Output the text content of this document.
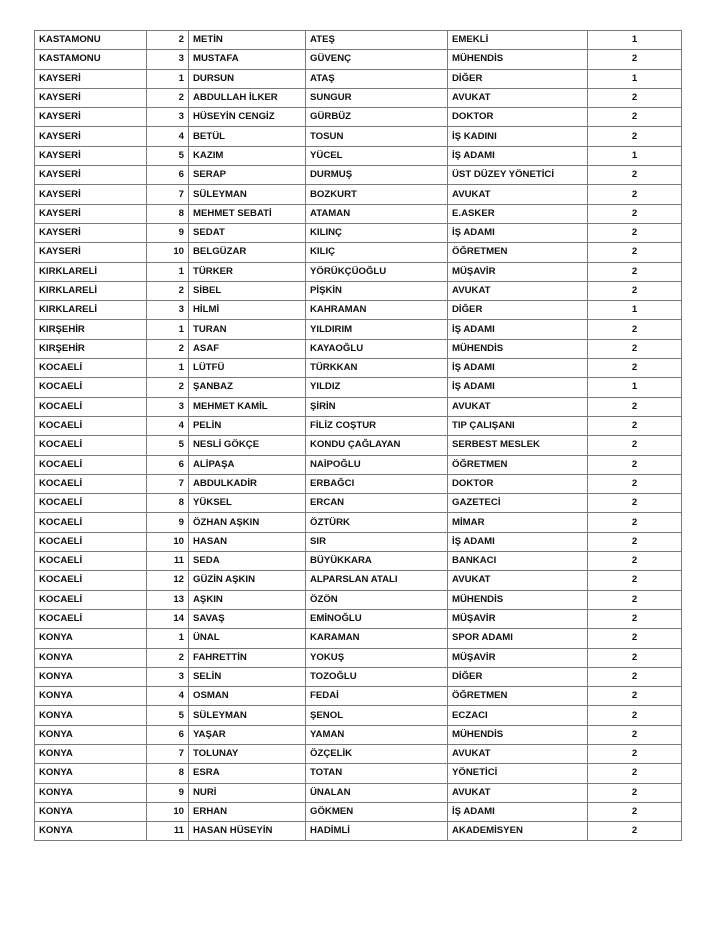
KASTAMONU	2	METİN	ATEŞ	EMEKLİ	1
KASTAMONU	3	MUSTAFA	GÜVENÇ	MÜHENDİS	2
KAYSERİ	1	DURSUN	ATAŞ	DİĞER	1
KAYSERİ	2	ABDULLAH İLKER	SUNGUR	AVUKAT	2
KAYSERİ	3	HÜSEYİN CENGİZ	GÜRBÜZ	DOKTOR	2
KAYSERİ	4	BETÜL	TOSUN	İŞ KADINI	2
KAYSERİ	5	KAZIM	YÜCEL	İŞ ADAMI	1
KAYSERİ	6	SERAP	DURMUŞ	ÜST DÜZEY YÖNETİCİ	2
KAYSERİ	7	SÜLEYMAN	BOZKURT	AVUKAT	2
KAYSERİ	8	MEHMET SEBATİ	ATAMAN	E.ASKER	2
KAYSERİ	9	SEDAT	KILINÇ	İŞ ADAMI	2
KAYSERİ	10	BELGÜZAR	KILIÇ	ÖĞRETMEN	2
KIRKLARELİ	1	TÜRKER	YÖRÜKÇÜOĞLU	MÜŞAVİR	2
KIRKLARELİ	2	SİBEL	PİŞKİN	AVUKAT	2
KIRKLARELİ	3	HİLMİ	KAHRAMAN	DİĞER	1
KIRŞEHİR	1	TURAN	YILDIRIM	İŞ ADAMI	2
KIRŞEHİR	2	ASAF	KAYAOĞLU	MÜHENDİS	2
KOCAELİ	1	LÜTFÜ	TÜRKKAN	İŞ ADAMI	2
KOCAELİ	2	ŞANBAZ	YILDIZ	İŞ ADAMI	1
KOCAELİ	3	MEHMET KAMİL	ŞİRİN	AVUKAT	2
KOCAELİ	4	PELİN	FİLİZ COŞTUR	TIP ÇALIŞANI	2
KOCAELİ	5	NESLİ GÖKÇE	KONDU ÇAĞLAYAN	SERBEST MESLEK	2
KOCAELİ	6	ALİPAŞA	NAİPOĞLU	ÖĞRETMEN	2
KOCAELİ	7	ABDULKADİR	ERBAĞCI	DOKTOR	2
KOCAELİ	8	YÜKSEL	ERCAN	GAZETECİ	2
KOCAELİ	9	ÖZHAN AŞKIN	ÖZTÜRK	MİMAR	2
KOCAELİ	10	HASAN	SIR	İŞ ADAMI	2
KOCAELİ	11	SEDA	BÜYÜKKARA	BANKACI	2
KOCAELİ	12	GÜZİN AŞKIN	ALPARSLAN ATALI	AVUKAT	2
KOCAELİ	13	AŞKIN	ÖZÖN	MÜHENDİS	2
KOCAELİ	14	SAVAŞ	EMİNOĞLU	MÜŞAVİR	2
KONYA	1	ÜNAL	KARAMAN	SPOR ADAMI	2
KONYA	2	FAHRETTİN	YOKUŞ	MÜŞAVİR	2
KONYA	3	SELİN	TOZOĞLU	DİĞER	2
KONYA	4	OSMAN	FEDAİ	ÖĞRETMEN	2
KONYA	5	SÜLEYMAN	ŞENOL	ECZACI	2
KONYA	6	YAŞAR	YAMAN	MÜHENDİS	2
KONYA	7	TOLUNAY	ÖZÇELİK	AVUKAT	2
KONYA	8	ESRA	TOTAN	YÖNETİCİ	2
KONYA	9	NURİ	ÜNALAN	AVUKAT	2
KONYA	10	ERHAN	GÖKMEN	İŞ ADAMI	2
KONYA	11	HASAN HÜSEYİN	HADİMLİ	AKADEMİSYEN	2
